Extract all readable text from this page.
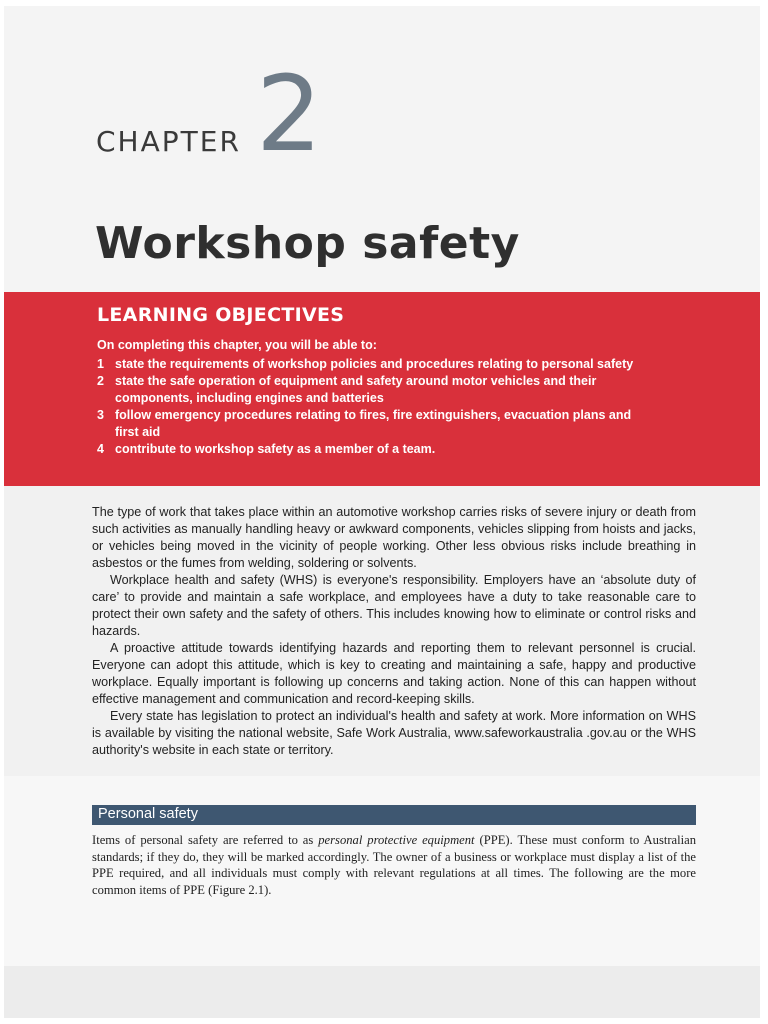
2
CHAPTER
Workshop safety
LEARNING OBJECTIVES
On completing this chapter, you will be able to:
1 state the requirements of workshop policies and procedures relating to personal safety
2 state the safe operation of equipment and safety around motor vehicles and their components, including engines and batteries
3 follow emergency procedures relating to fires, fire extinguishers, evacuation plans and first aid
4 contribute to workshop safety as a member of a team.

The type of work that takes place within an automotive workshop carries risks of severe injury or death from such activities as manually handling heavy or awkward components, vehicles slipping from hoists and jacks, or vehicles being moved in the vicinity of people working. Other less obvious risks include breathing in asbestos or the fumes from welding, soldering or solvents.

Workplace health and safety (WHS) is everyone's responsibility. Employers have an ‘absolute duty of care’ to provide and maintain a safe workplace, and employees have a duty to take reasonable care to protect their own safety and the safety of others. This includes knowing how to eliminate or control risks and hazards.

A proactive attitude towards identifying hazards and reporting them to relevant personnel is crucial. Everyone can adopt this attitude, which is key to creating and maintaining a safe, happy and productive workplace. Equally important is following up concerns and taking action. None of this can happen without effective management and communication and record-keeping skills.

Every state has legislation to protect an individual's health and safety at work. More information on WHS is available by visiting the national website, Safe Work Australia, www.safeworkaustralia .gov.au or the WHS authority's website in each state or territory.

Personal safety

Items of personal safety are referred to as personal protective equipment (PPE). These must conform to Australian standards; if they do, they will be marked accordingly. The owner of a business or workplace must display a list of the PPE required, and all individuals must comply with relevant regulations at all times. The following are the more common items of PPE (Figure 2.1).
